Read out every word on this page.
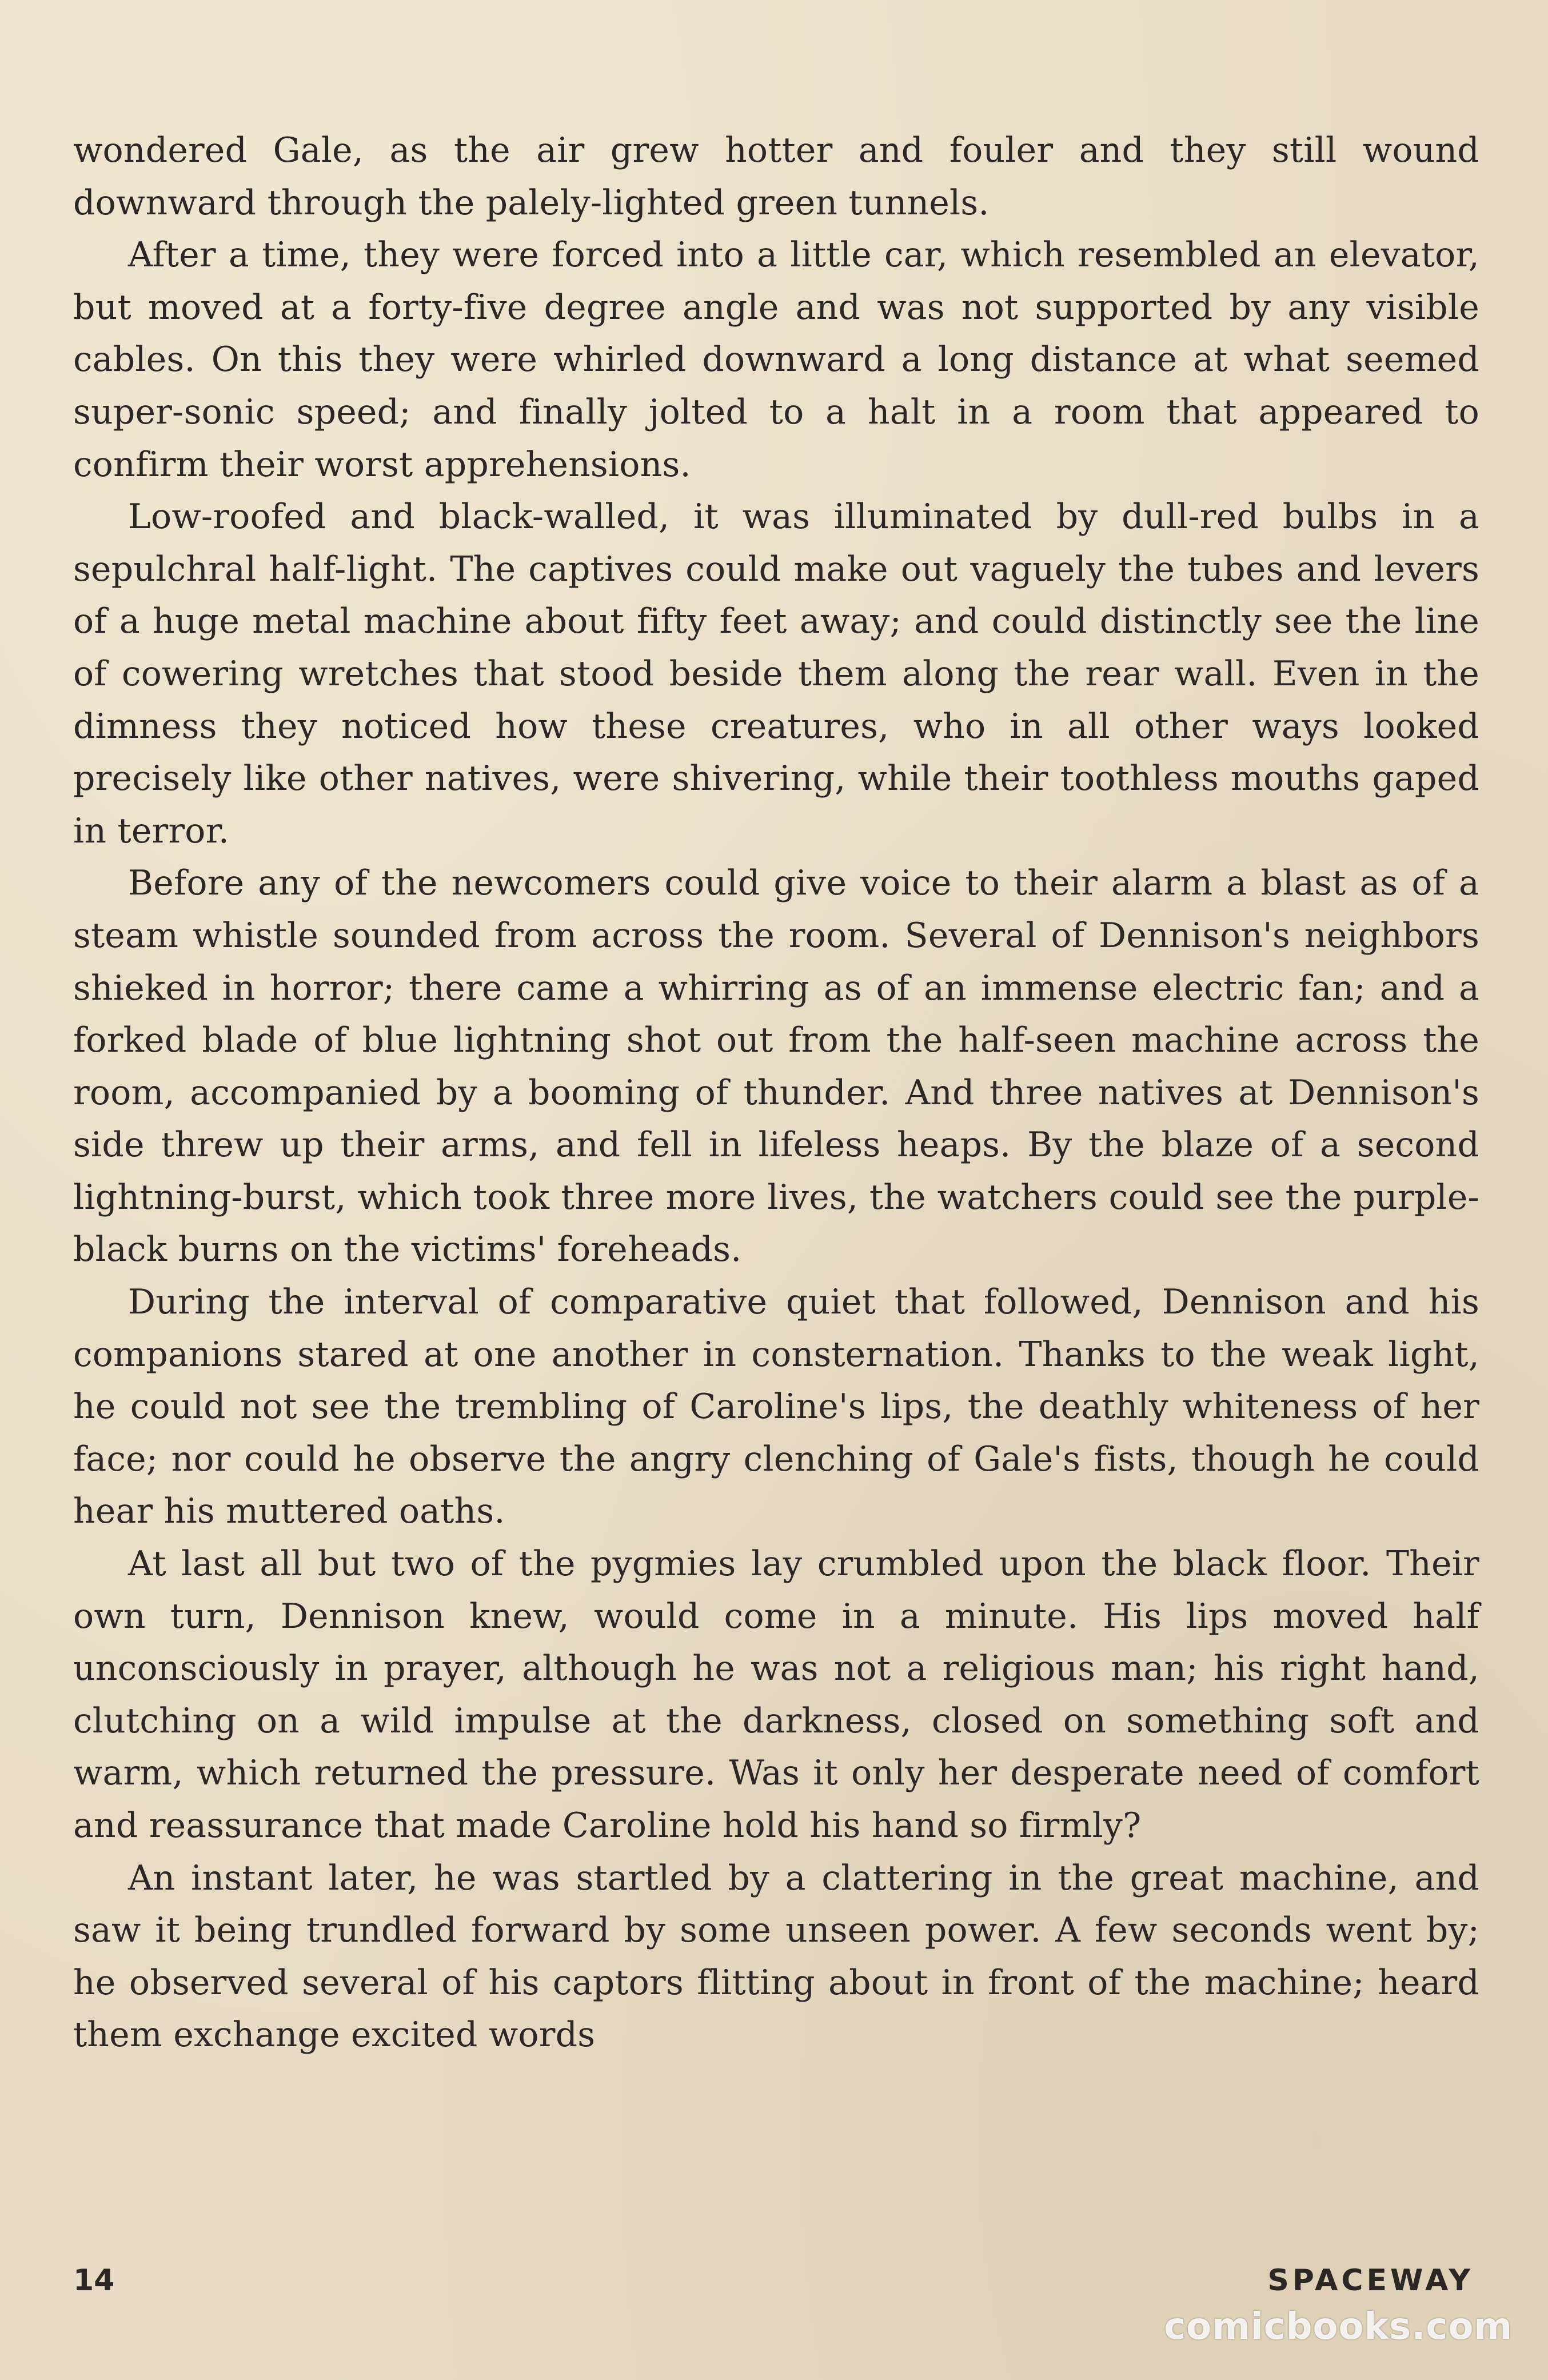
wondered Gale, as the air grew hotter and fouler and they still wound downward through the palely-lighted green tunnels.

After a time, they were forced into a little car, which resembled an elevator, but moved at a forty-five degree angle and was not supported by any visible cables. On this they were whirled downward a long distance at what seemed super-sonic speed; and finally jolted to a halt in a room that appeared to confirm their worst apprehensions.

Low-roofed and black-walled, it was illuminated by dull-red bulbs in a sepulchral half-light. The captives could make out vaguely the tubes and levers of a huge metal machine about fifty feet away; and could distinctly see the line of cowering wretches that stood beside them along the rear wall. Even in the dimness they noticed how these creatures, who in all other ways looked precisely like other natives, were shivering, while their toothless mouths gaped in terror.

Before any of the newcomers could give voice to their alarm a blast as of a steam whistle sounded from across the room. Several of Dennison's neighbors shieked in horror; there came a whirring as of an immense electric fan; and a forked blade of blue lightning shot out from the half-seen machine across the room, accompanied by a booming of thunder. And three natives at Dennison's side threw up their arms, and fell in lifeless heaps. By the blaze of a second lightning-burst, which took three more lives, the watchers could see the purple-black burns on the victims' foreheads.

During the interval of comparative quiet that followed, Dennison and his companions stared at one another in consternation. Thanks to the weak light, he could not see the trembling of Caroline's lips, the deathly whiteness of her face; nor could he observe the angry clenching of Gale's fists, though he could hear his muttered oaths.

At last all but two of the pygmies lay crumbled upon the black floor. Their own turn, Dennison knew, would come in a minute. His lips moved half unconsciously in prayer, although he was not a religious man; his right hand, clutching on a wild impulse at the darkness, closed on something soft and warm, which returned the pressure. Was it only her desperate need of comfort and reassurance that made Caroline hold his hand so firmly?

An instant later, he was startled by a clattering in the great machine, and saw it being trundled forward by some unseen power. A few seconds went by; he observed several of his captors flitting about in front of the machine; heard them exchange excited words

14	SPACEWAY
comicbooks.com
